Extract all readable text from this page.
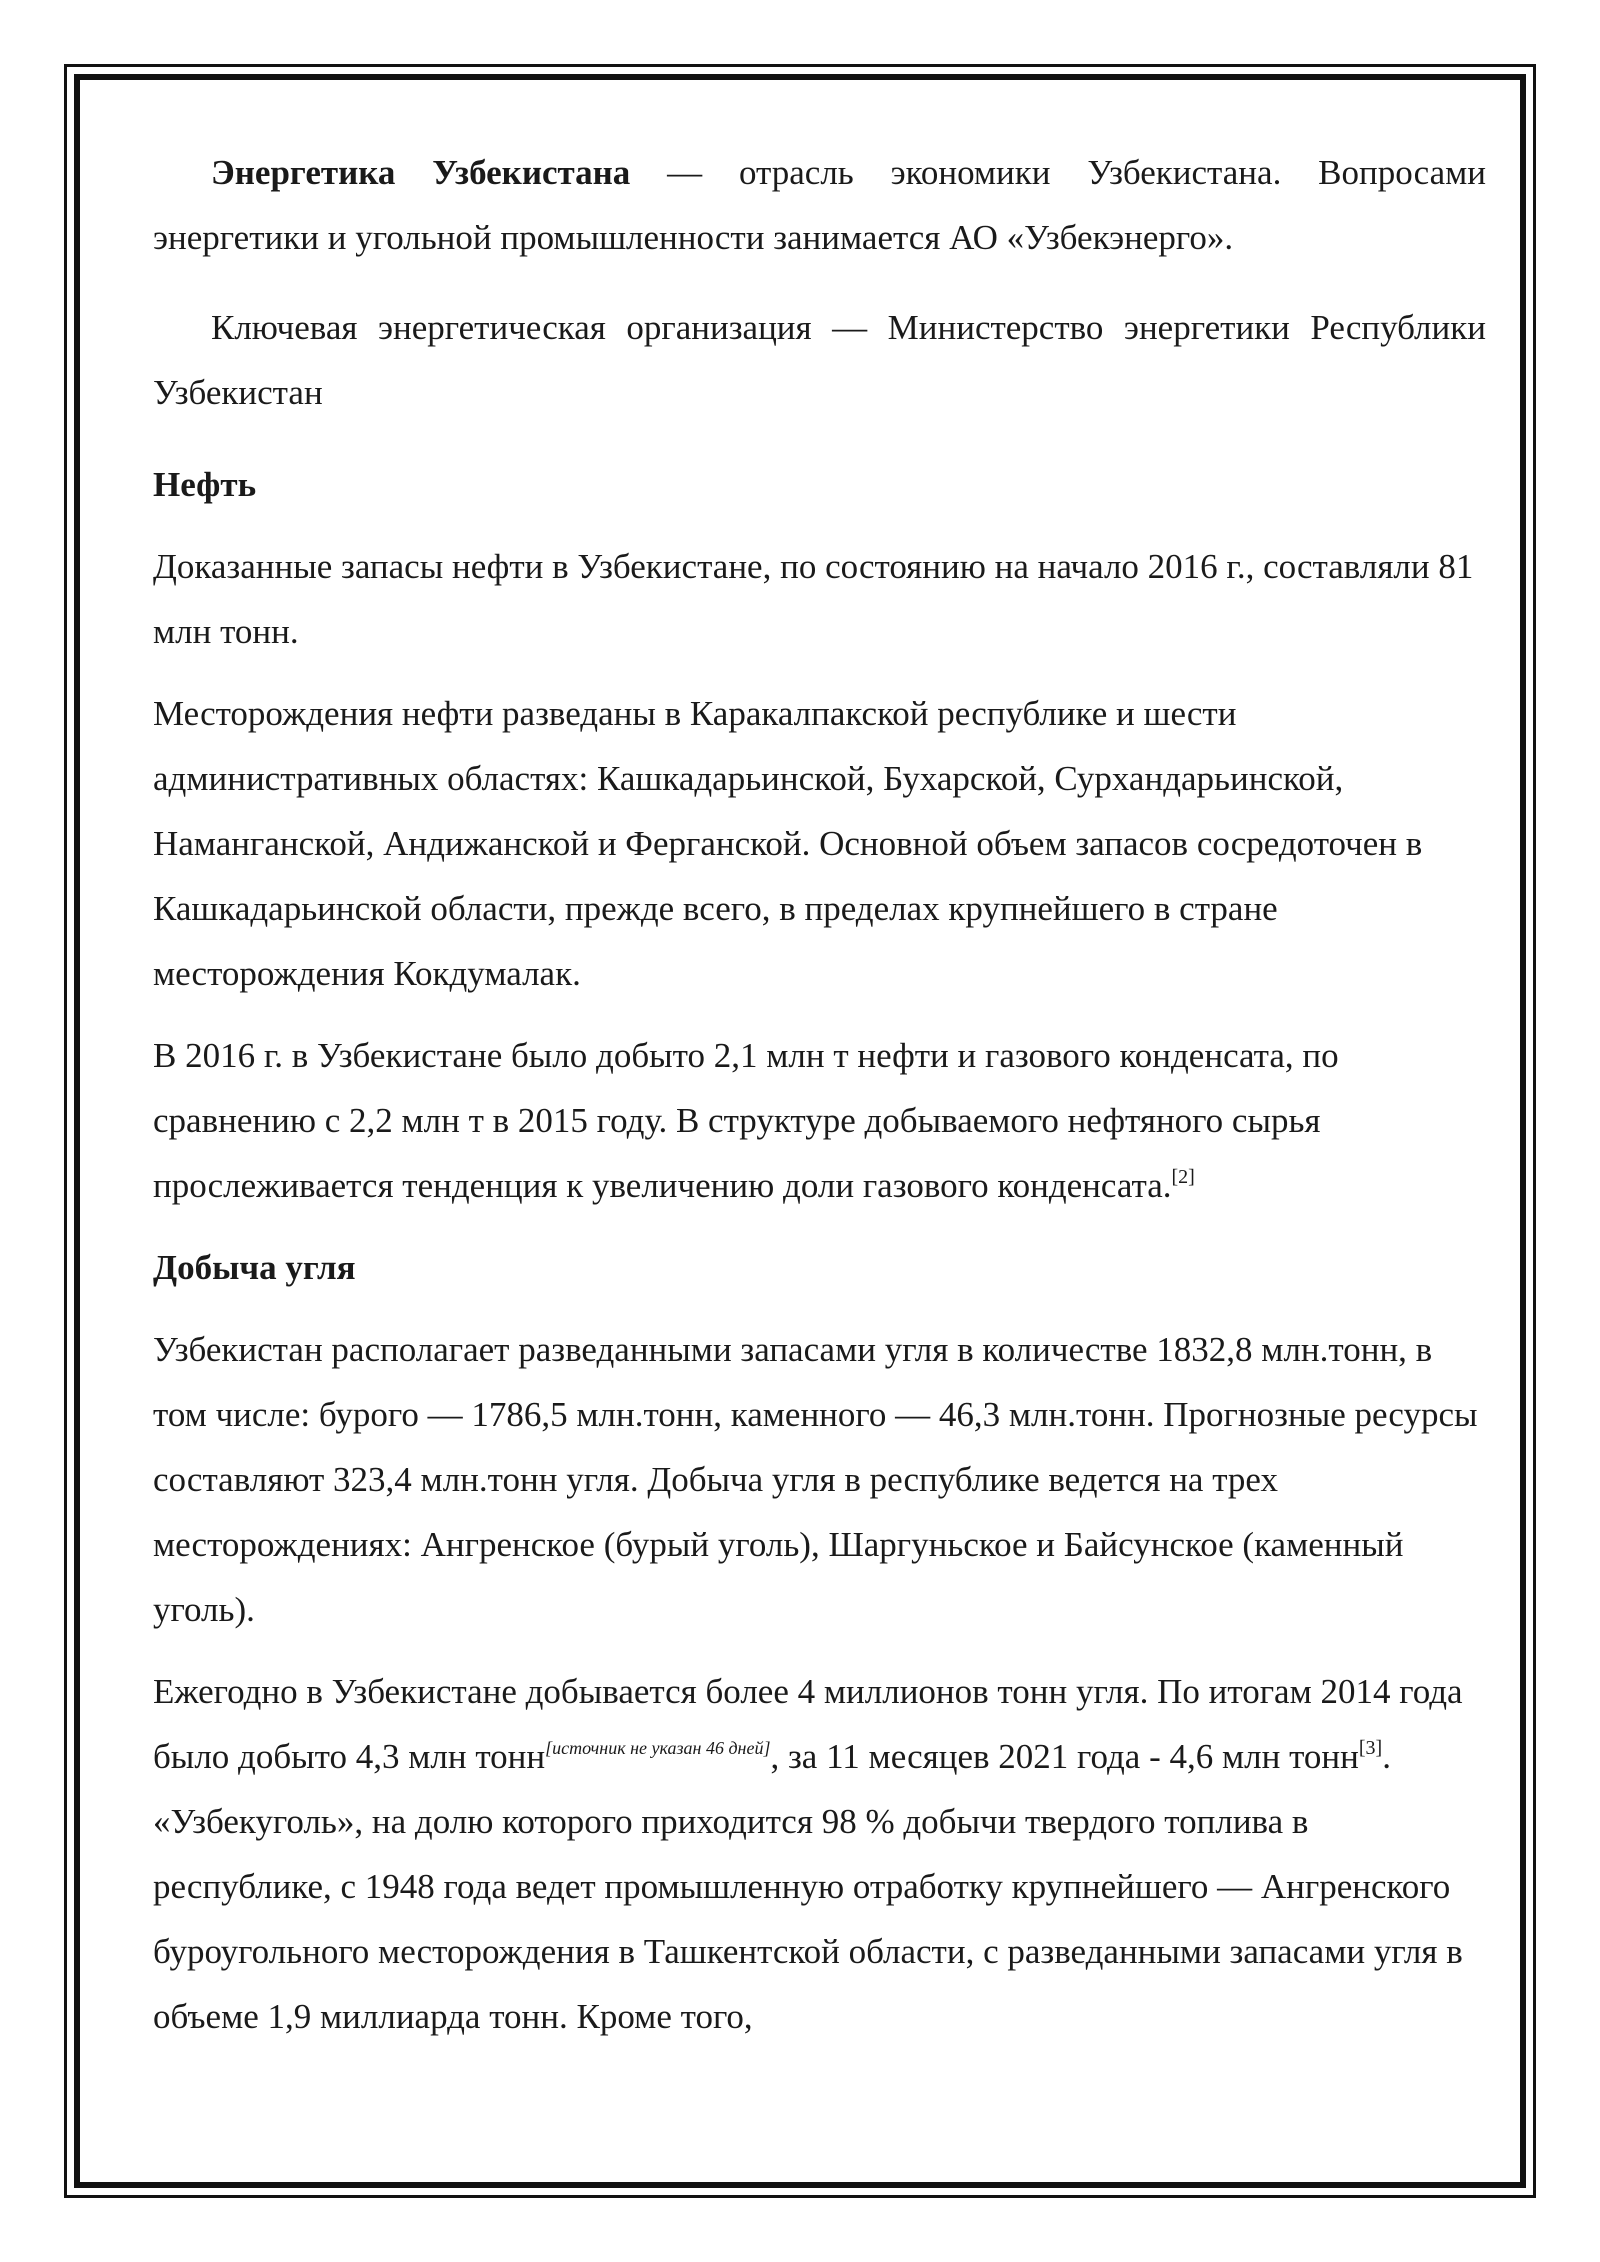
Энергетика Узбекистана — отрасль экономики Узбекистана. Вопросами энергетики и угольной промышленности занимается АО «Узбекэнерго».

Ключевая энергетическая организация — Министерство энергетики Республики Узбекистан

Нефть

Доказанные запасы нефти в Узбекистане, по состоянию на начало 2016 г., составляли 81 млн тонн.

Месторождения нефти разведаны в Каракалпакской республике и шести административных областях: Кашкадарьинской, Бухарской, Сурхандарьинской, Наманганской, Андижанской и Ферганской. Основной объем запасов сосредоточен в Кашкадарьинской области, прежде всего, в пределах крупнейшего в стране месторождения Кокдумалак.

В 2016 г. в Узбекистане было добыто 2,1 млн т нефти и газового конденсата, по сравнению с 2,2 млн т в 2015 году. В структуре добываемого нефтяного сырья прослеживается тенденция к увеличению доли газового конденсата.[2]

Добыча угля

Узбекистан располагает разведанными запасами угля в количестве 1832,8 млн.тонн, в том числе: бурого — 1786,5 млн.тонн, каменного — 46,3 млн.тонн. Прогнозные ресурсы составляют 323,4 млн.тонн угля. Добыча угля в республике ведется на трех месторождениях: Ангренское (бурый уголь), Шаргуньское и Байсунское (каменный уголь).

Ежегодно в Узбекистане добывается более 4 миллионов тонн угля. По итогам 2014 года было добыто 4,3 млн тонн[источник не указан 46 дней], за 11 месяцев 2021 года - 4,6 млн тонн[3]. «Узбекуголь», на долю которого приходится 98 % добычи твердого топлива в республике, с 1948 года ведет промышленную отработку крупнейшего — Ангренского буроугольного месторождения в Ташкентской области, с разведанными запасами угля в объеме 1,9 миллиарда тонн. Кроме того,
